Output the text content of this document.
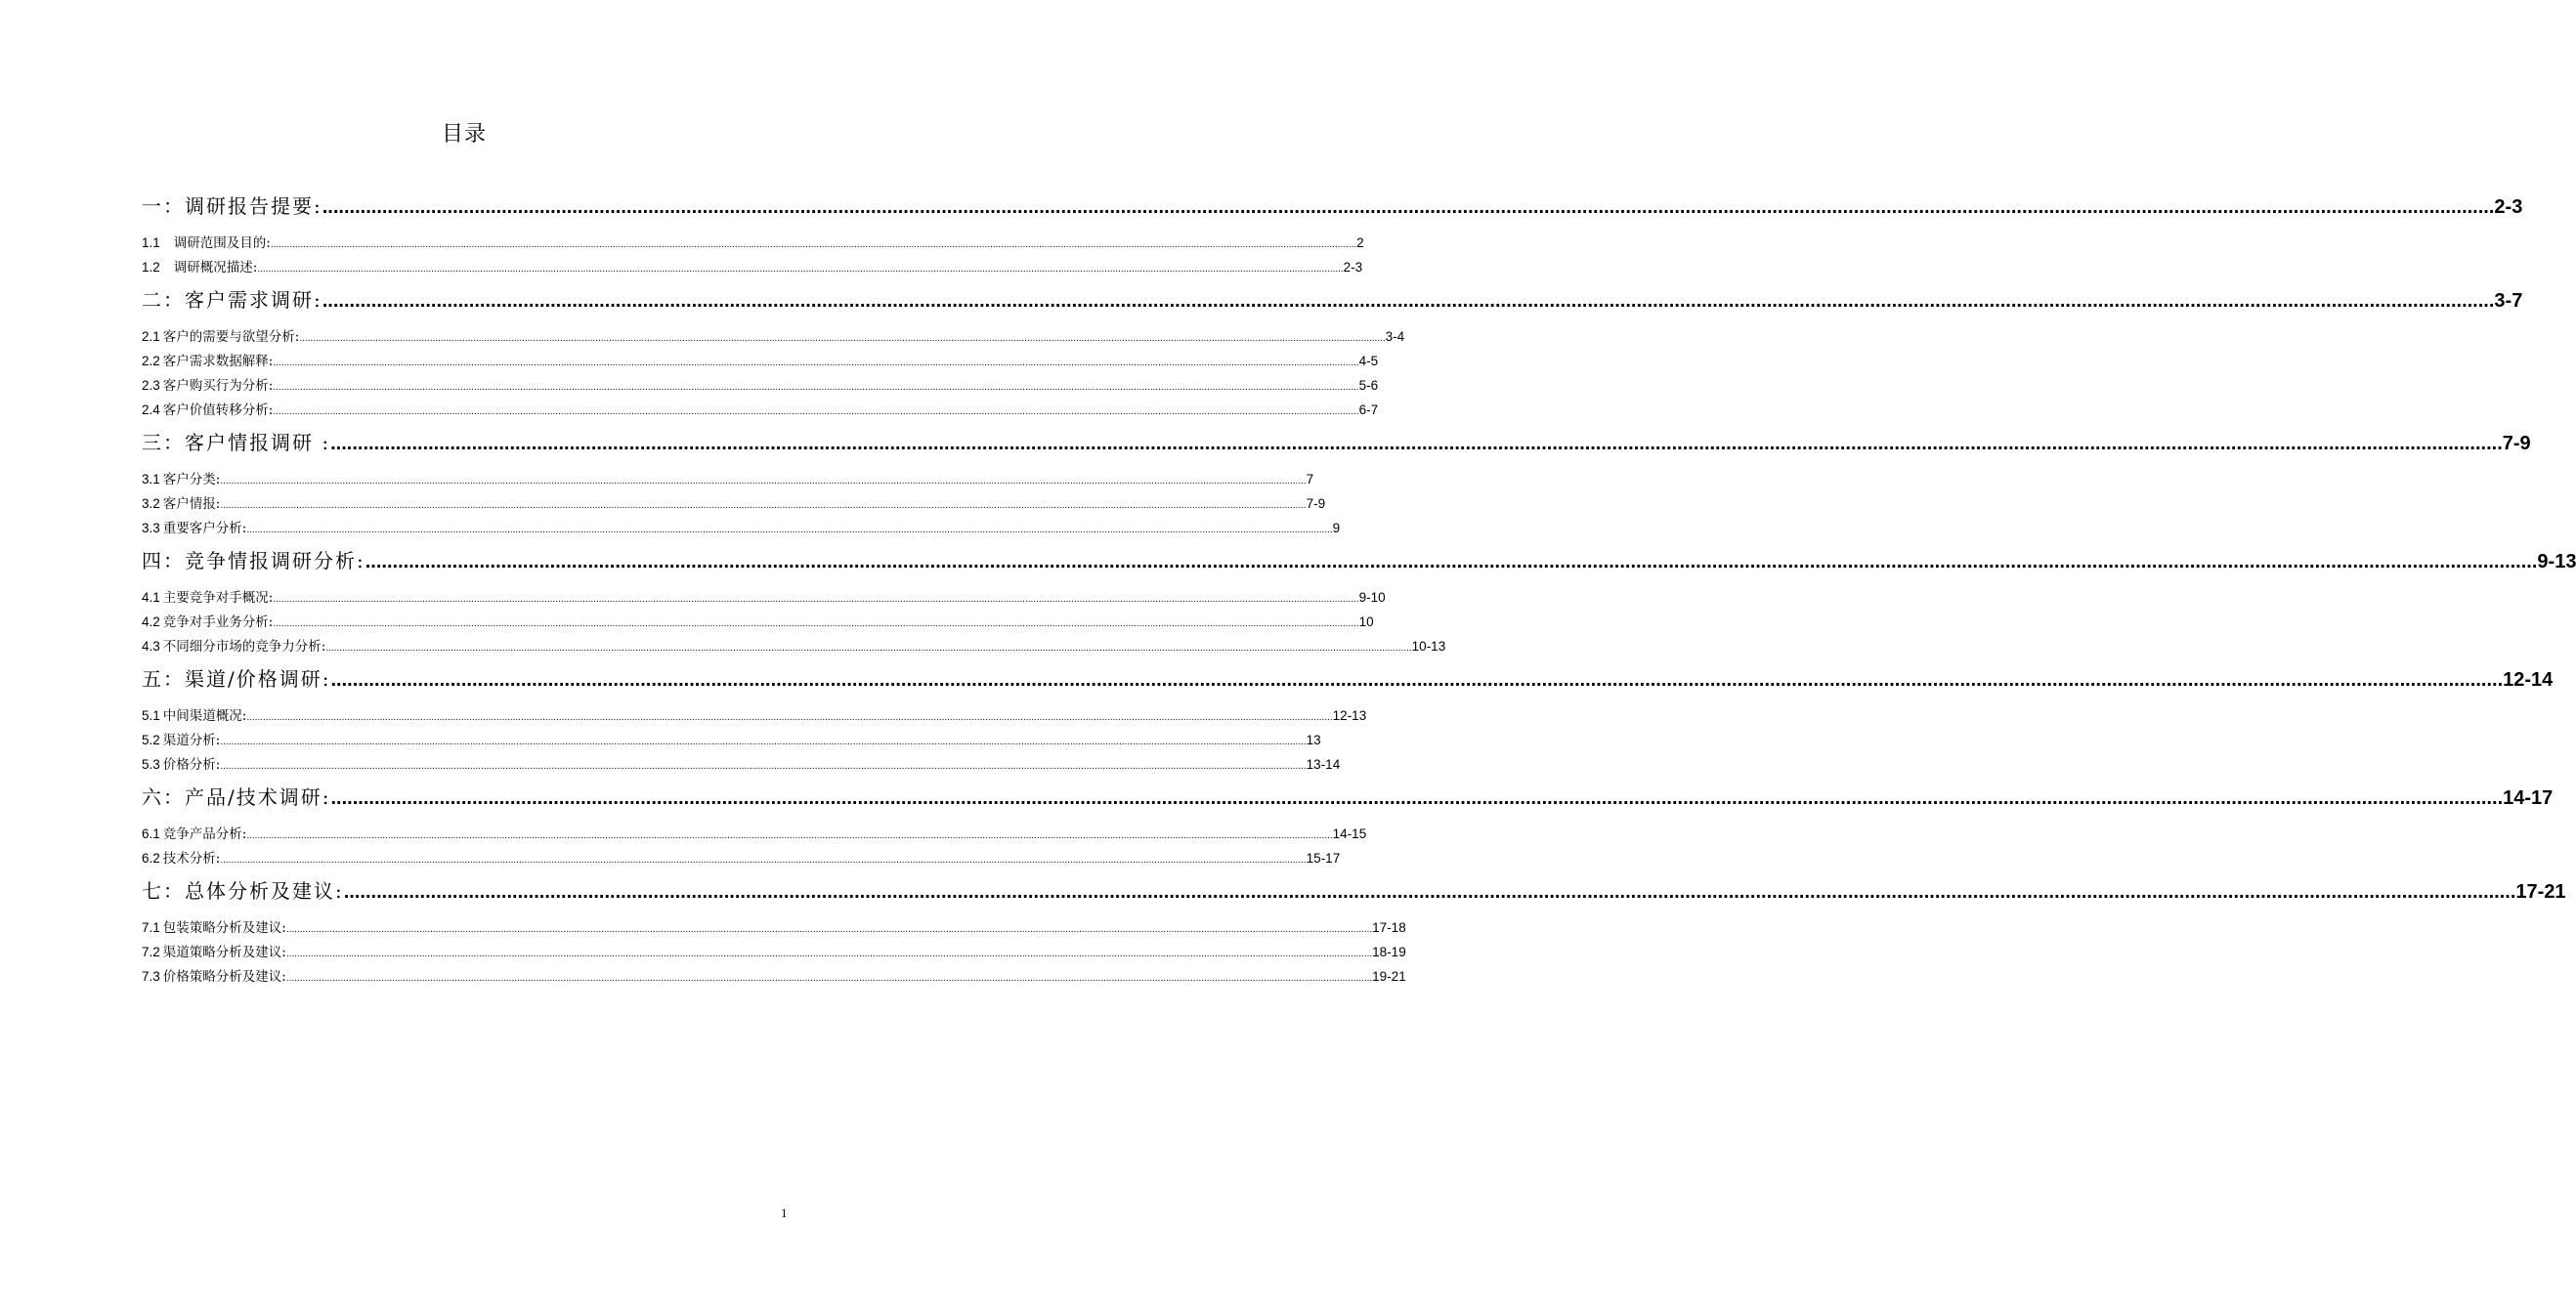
目录
一：调研报告提要: ................................................................................................................................................................................................................................................................................................................................................................................................................ 2-3
1.1 调研范围及目的: ................................................................................................................................................................................................................................................................................................................................................................................................................ 2
1.2 调研概况描述: ................................................................................................................................................................................................................................................................................................................................................................................................................ 2-3
二：客户需求调研: ................................................................................................................................................................................................................................................................................................................................................................................................................ 3-7
2.1 客户的需要与欲望分析: ................................................................................................................................................................................................................................................................................................................................................................................................................ 3-4
2.2 客户需求数据解释: ................................................................................................................................................................................................................................................................................................................................................................................................................ 4-5
2.3 客户购买行为分析: ................................................................................................................................................................................................................................................................................................................................................................................................................ 5-6
2.4 客户价值转移分析: ................................................................................................................................................................................................................................................................................................................................................................................................................ 6-7
三：客户情报调研 : ................................................................................................................................................................................................................................................................................................................................................................................................................ 7-9
3.1 客户分类: ................................................................................................................................................................................................................................................................................................................................................................................................................ 7
3.2 客户情报: ................................................................................................................................................................................................................................................................................................................................................................................................................ 7-9
3.3 重要客户分析: ................................................................................................................................................................................................................................................................................................................................................................................................................ 9
四：竞争情报调研分析: ................................................................................................................................................................................................................................................................................................................................................................................................................ 9-13
4.1 主要竞争对手概况: ................................................................................................................................................................................................................................................................................................................................................................................................................ 9-10
4.2 竞争对手业务分析: ................................................................................................................................................................................................................................................................................................................................................................................................................ 10
4.3 不同细分市场的竞争力分析: ................................................................................................................................................................................................................................................................................................................................................................................................................ 10-13
五：渠道/价格调研: ................................................................................................................................................................................................................................................................................................................................................................................................................ 12-14
5.1 中间渠道概况: ................................................................................................................................................................................................................................................................................................................................................................................................................ 12-13
5.2 渠道分析: ................................................................................................................................................................................................................................................................................................................................................................................................................ 13
5.3 价格分析: ................................................................................................................................................................................................................................................................................................................................................................................................................ 13-14
六：产品/技术调研: ................................................................................................................................................................................................................................................................................................................................................................................................................ 14-17
6.1 竞争产品分析: ................................................................................................................................................................................................................................................................................................................................................................................................................ 14-15
6.2 技术分析: ................................................................................................................................................................................................................................................................................................................................................................................................................ 15-17
七：总体分析及建议: ................................................................................................................................................................................................................................................................................................................................................................................................................ 17-21
7.1 包装策略分析及建议: ................................................................................................................................................................................................................................................................................................................................................................................................................ 17-18
7.2 渠道策略分析及建议: ................................................................................................................................................................................................................................................................................................................................................................................................................ 18-19
7.3 价格策略分析及建议: ................................................................................................................................................................................................................................................................................................................................................................................................................ 19-21
1
